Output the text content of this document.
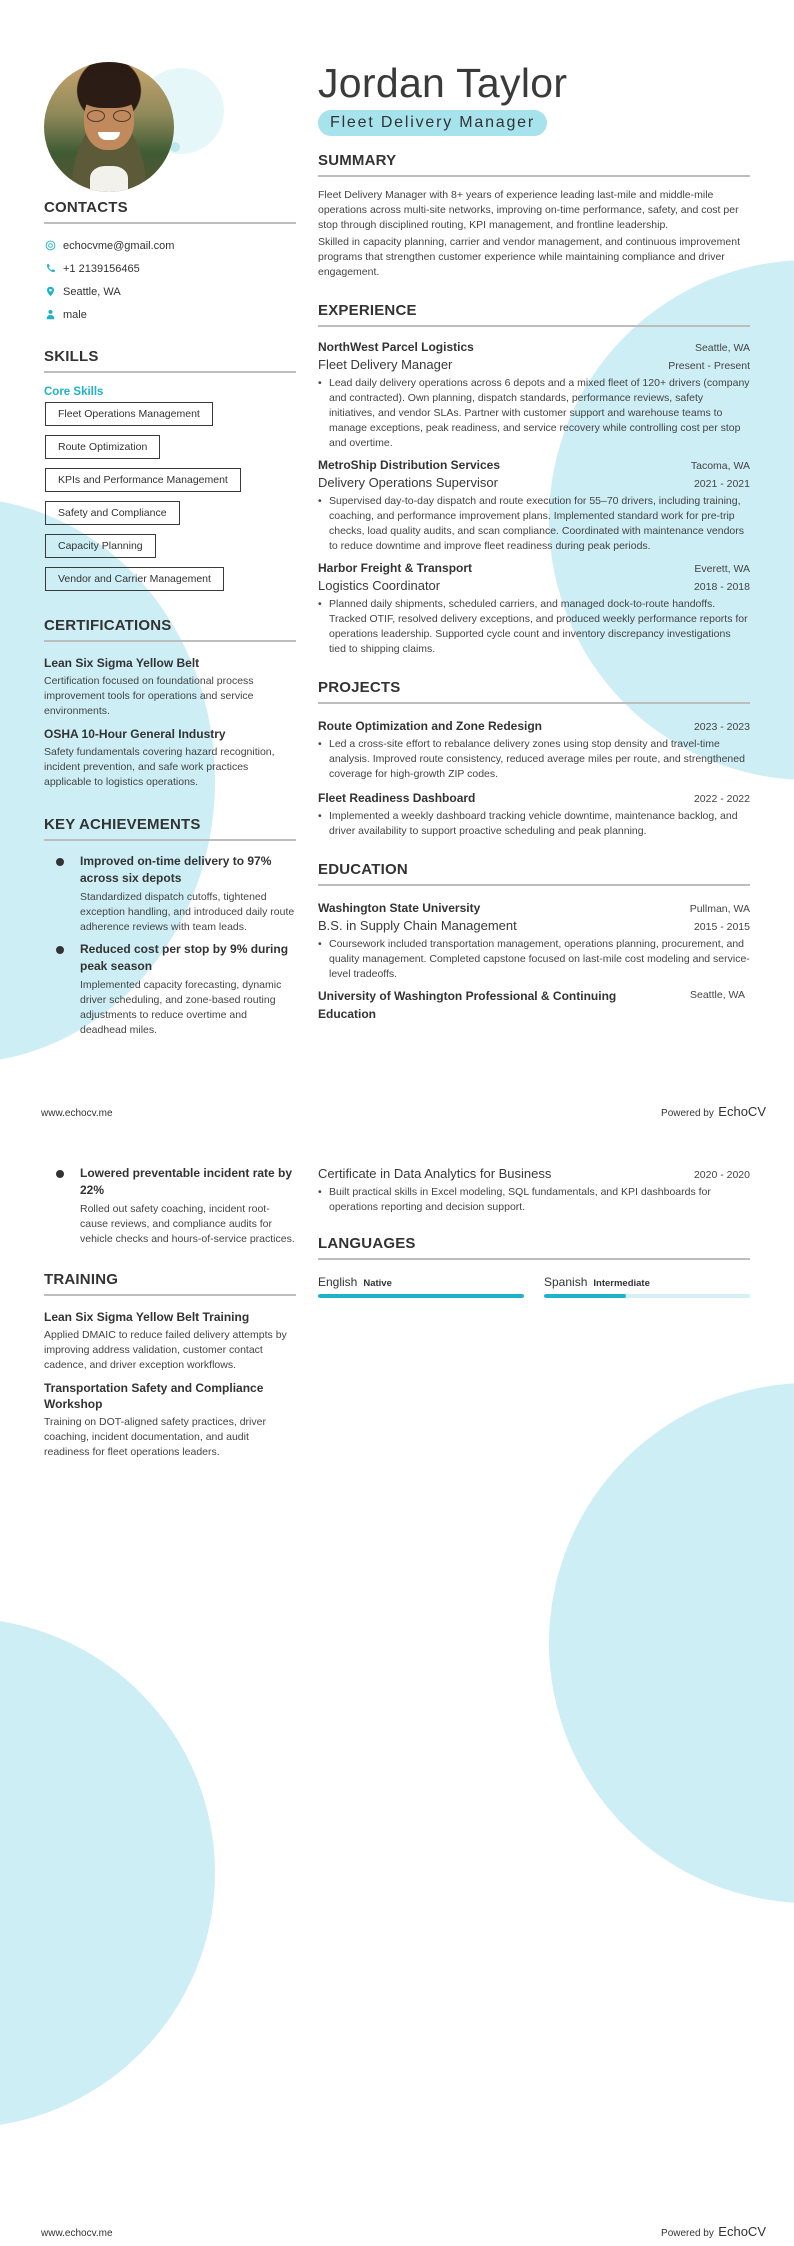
CONTACTS
echocvme@gmail.com
+1 2139156465
Seattle, WA
male
SKILLS
Core Skills
Fleet Operations Management
Route Optimization
KPIs and Performance Management
Safety and Compliance
Capacity Planning
Vendor and Carrier Management
CERTIFICATIONS
Lean Six Sigma Yellow Belt
Certification focused on foundational process improvement tools for operations and service environments.
OSHA 10-Hour General Industry
Safety fundamentals covering hazard recognition, incident prevention, and safe work practices applicable to logistics operations.
KEY ACHIEVEMENTS
Improved on-time delivery to 97% across six depots
Standardized dispatch cutoffs, tightened exception handling, and introduced daily route adherence reviews with team leads.
Reduced cost per stop by 9% during peak season
Implemented capacity forecasting, dynamic driver scheduling, and zone-based routing adjustments to reduce overtime and deadhead miles.
Jordan Taylor
Fleet Delivery Manager
SUMMARY
Fleet Delivery Manager with 8+ years of experience leading last-mile and middle-mile operations across multi-site networks, improving on-time performance, safety, and cost per stop through disciplined routing, KPI management, and frontline leadership.
Skilled in capacity planning, carrier and vendor management, and continuous improvement programs that strengthen customer experience while maintaining compliance and driver engagement.
EXPERIENCE
NorthWest Parcel Logistics	Seattle, WA
Fleet Delivery Manager	Present - Present
• Lead daily delivery operations across 6 depots and a mixed fleet of 120+ drivers (company and contracted). Own planning, dispatch standards, performance reviews, safety initiatives, and vendor SLAs. Partner with customer support and warehouse teams to manage exceptions, peak readiness, and service recovery while controlling cost per stop and overtime.
MetroShip Distribution Services	Tacoma, WA
Delivery Operations Supervisor	2021 - 2021
• Supervised day-to-day dispatch and route execution for 55–70 drivers, including training, coaching, and performance improvement plans. Implemented standard work for pre-trip checks, load quality audits, and scan compliance. Coordinated with maintenance vendors to reduce downtime and improve fleet readiness during peak periods.
Harbor Freight & Transport	Everett, WA
Logistics Coordinator	2018 - 2018
• Planned daily shipments, scheduled carriers, and managed dock-to-route handoffs. Tracked OTIF, resolved delivery exceptions, and produced weekly performance reports for operations leadership. Supported cycle count and inventory discrepancy investigations tied to shipping claims.
PROJECTS
Route Optimization and Zone Redesign	2023 - 2023
• Led a cross-site effort to rebalance delivery zones using stop density and travel-time analysis. Improved route consistency, reduced average miles per route, and strengthened coverage for high-growth ZIP codes.
Fleet Readiness Dashboard	2022 - 2022
• Implemented a weekly dashboard tracking vehicle downtime, maintenance backlog, and driver availability to support proactive scheduling and peak planning.
EDUCATION
Washington State University	Pullman, WA
B.S. in Supply Chain Management	2015 - 2015
• Coursework included transportation management, operations planning, procurement, and quality management. Completed capstone focused on last-mile cost modeling and service-level tradeoffs.
University of Washington Professional & Continuing Education
Seattle, WA
www.echocv.me	Powered by EchoCV
Lowered preventable incident rate by 22%
Rolled out safety coaching, incident root-cause reviews, and compliance audits for vehicle checks and hours-of-service practices.
TRAINING
Lean Six Sigma Yellow Belt Training
Applied DMAIC to reduce failed delivery attempts by improving address validation, customer contact cadence, and driver exception workflows.
Transportation Safety and Compliance Workshop
Training on DOT-aligned safety practices, driver coaching, incident documentation, and audit readiness for fleet operations leaders.
Certificate in Data Analytics for Business	2020 - 2020
• Built practical skills in Excel modeling, SQL fundamentals, and KPI dashboards for operations reporting and decision support.
LANGUAGES
English Native	Spanish Intermediate
www.echocv.me	Powered by EchoCV
